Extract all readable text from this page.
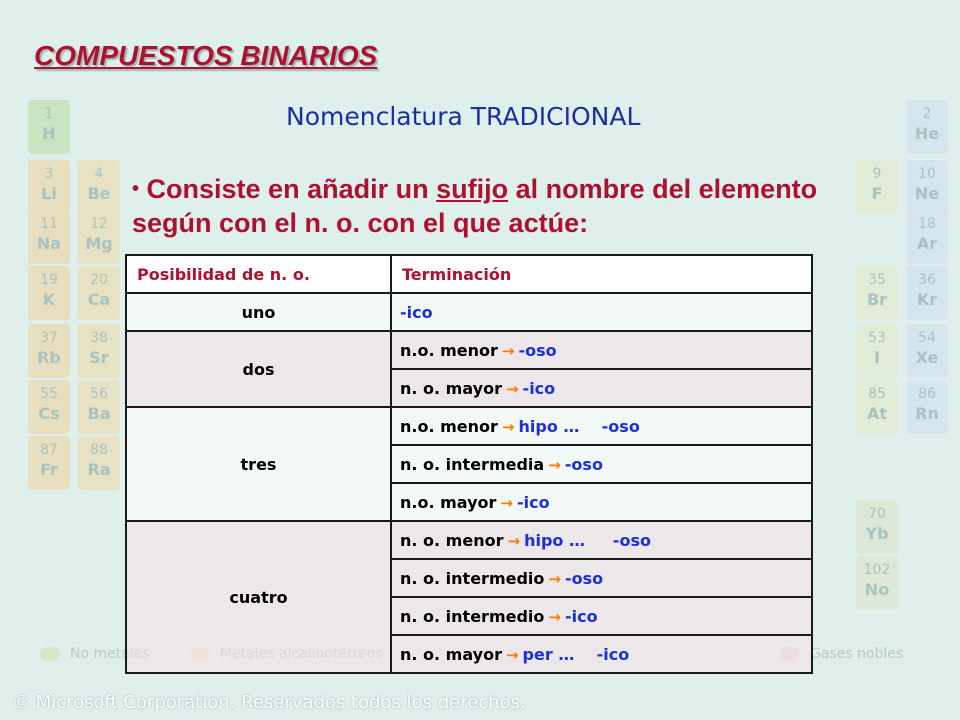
1
H
3
Li
11
Na
19
K
37
Rb
55
Cs
87
Fr
4
Be
12
Mg
20
Ca
38
Sr
56
Ba
88
Ra
2
He
10
Ne
18
Ar
36
Kr
54
Xe
86
Rn
9
F
35
Br
53
I
85
At
70
Yb
102
No
No metales	Metales alcalinotérreos	Gases nobles
© Microsoft Corporation. Reservados todos los derechos.
COMPUESTOS BINARIOS
Nomenclatura TRADICIONAL
• Consiste en añadir un sufijo al nombre del elemento según con el n. o. con el que actúe:
Posibilidad de n. o.	Terminación
uno	-ico
dos	n.o. menor → -oso
	n. o. mayor → -ico
tres	n.o. menor → hipo …    -oso
	n. o. intermedia → -oso
	n.o. mayor → -ico
cuatro	n. o. menor → hipo …     -oso
	n. o. intermedio → -oso
	n. o. intermedio → -ico
	n. o. mayor → per …    -ico
